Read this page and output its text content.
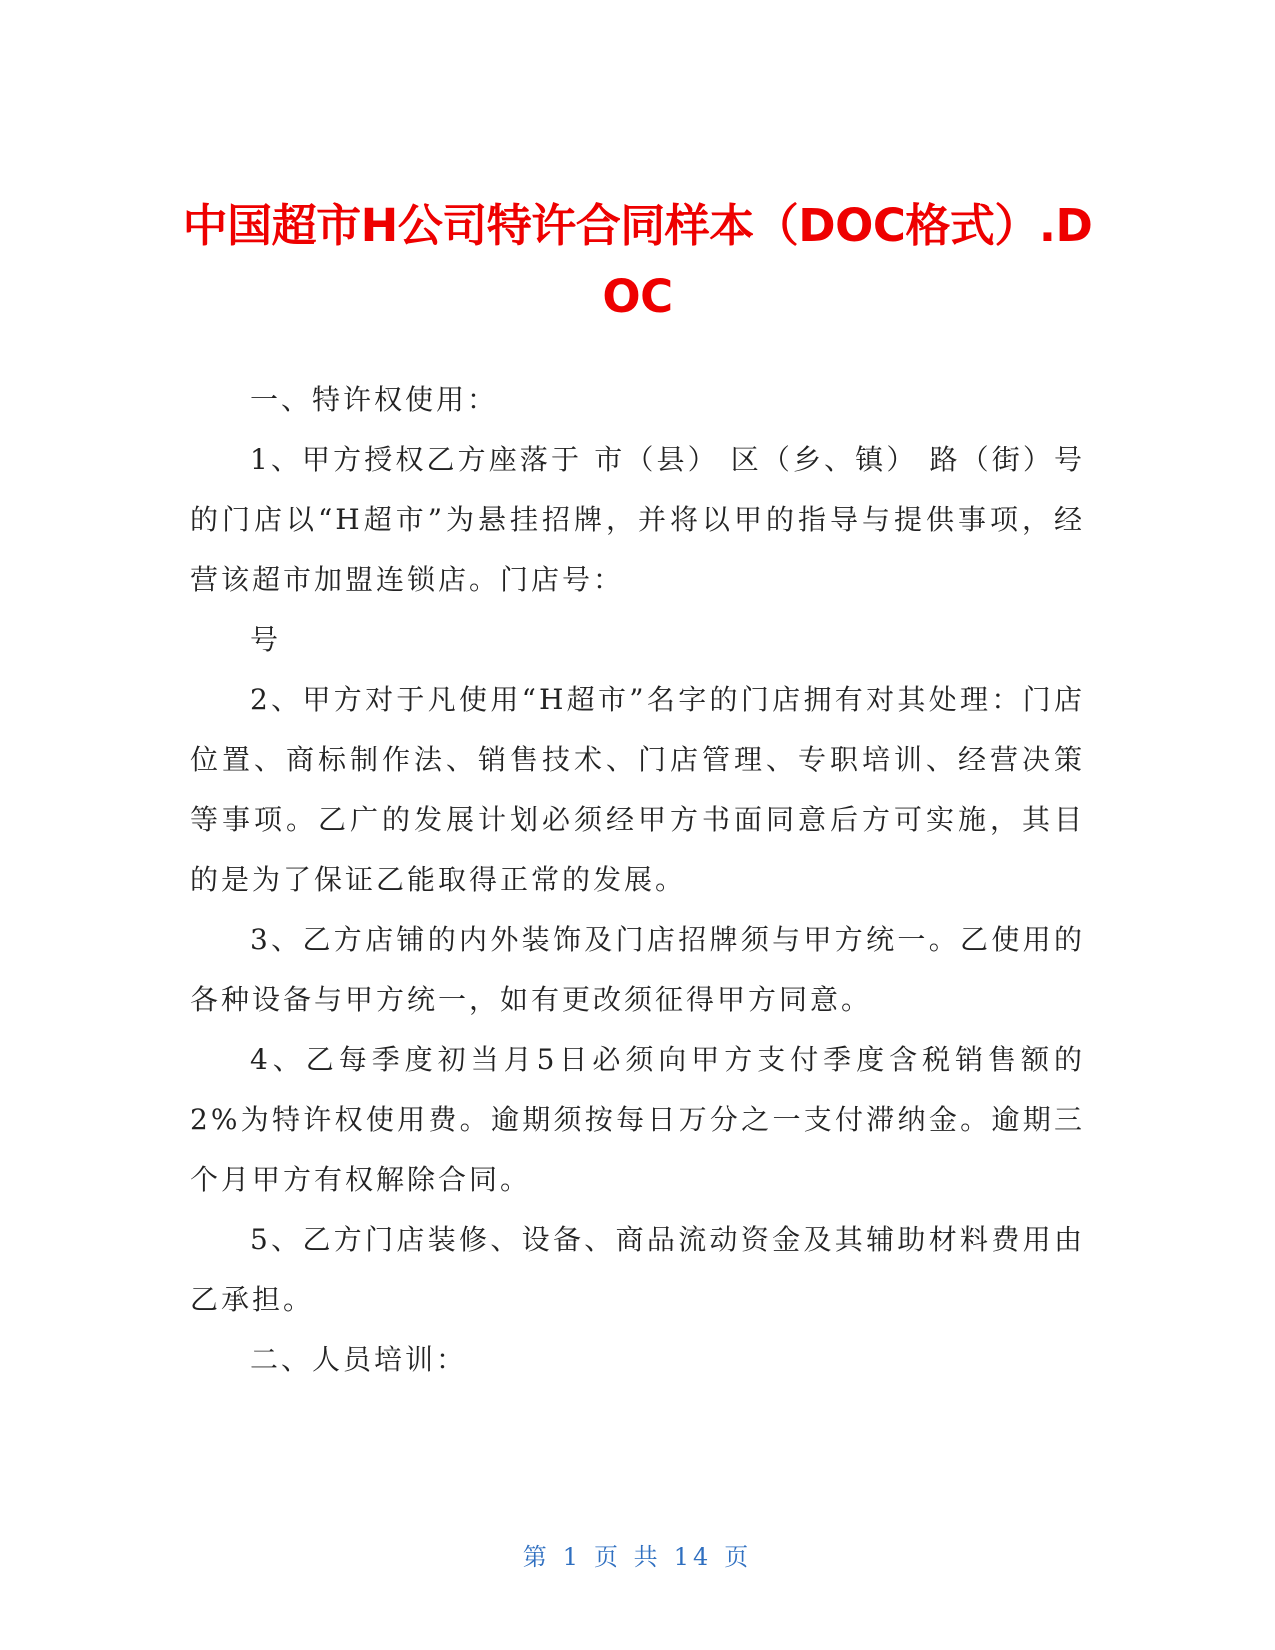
中国超市H公司特许合同样本（DOC格式）.DOC

一、特许权使用：

1、甲方授权乙方座落于 市（县） 区（乡、镇） 路（街）号的门店以“H超市”为悬挂招牌，并将以甲的指导与提供事项，经营该超市加盟连锁店。门店号：

号

2、甲方对于凡使用“H超市”名字的门店拥有对其处理：门店位置、商标制作法、销售技术、门店管理、专职培训、经营决策等事项。乙广的发展计划必须经甲方书面同意后方可实施，其目的是为了保证乙能取得正常的发展。

3、乙方店铺的内外装饰及门店招牌须与甲方统一。乙使用的各种设备与甲方统一，如有更改须征得甲方同意。

4、乙每季度初当月5日必须向甲方支付季度含税销售额的2%为特许权使用费。逾期须按每日万分之一支付滞纳金。逾期三个月甲方有权解除合同。

5、乙方门店装修、设备、商品流动资金及其辅助材料费用由乙承担。

二、人员培训：

第 1 页 共 14 页
